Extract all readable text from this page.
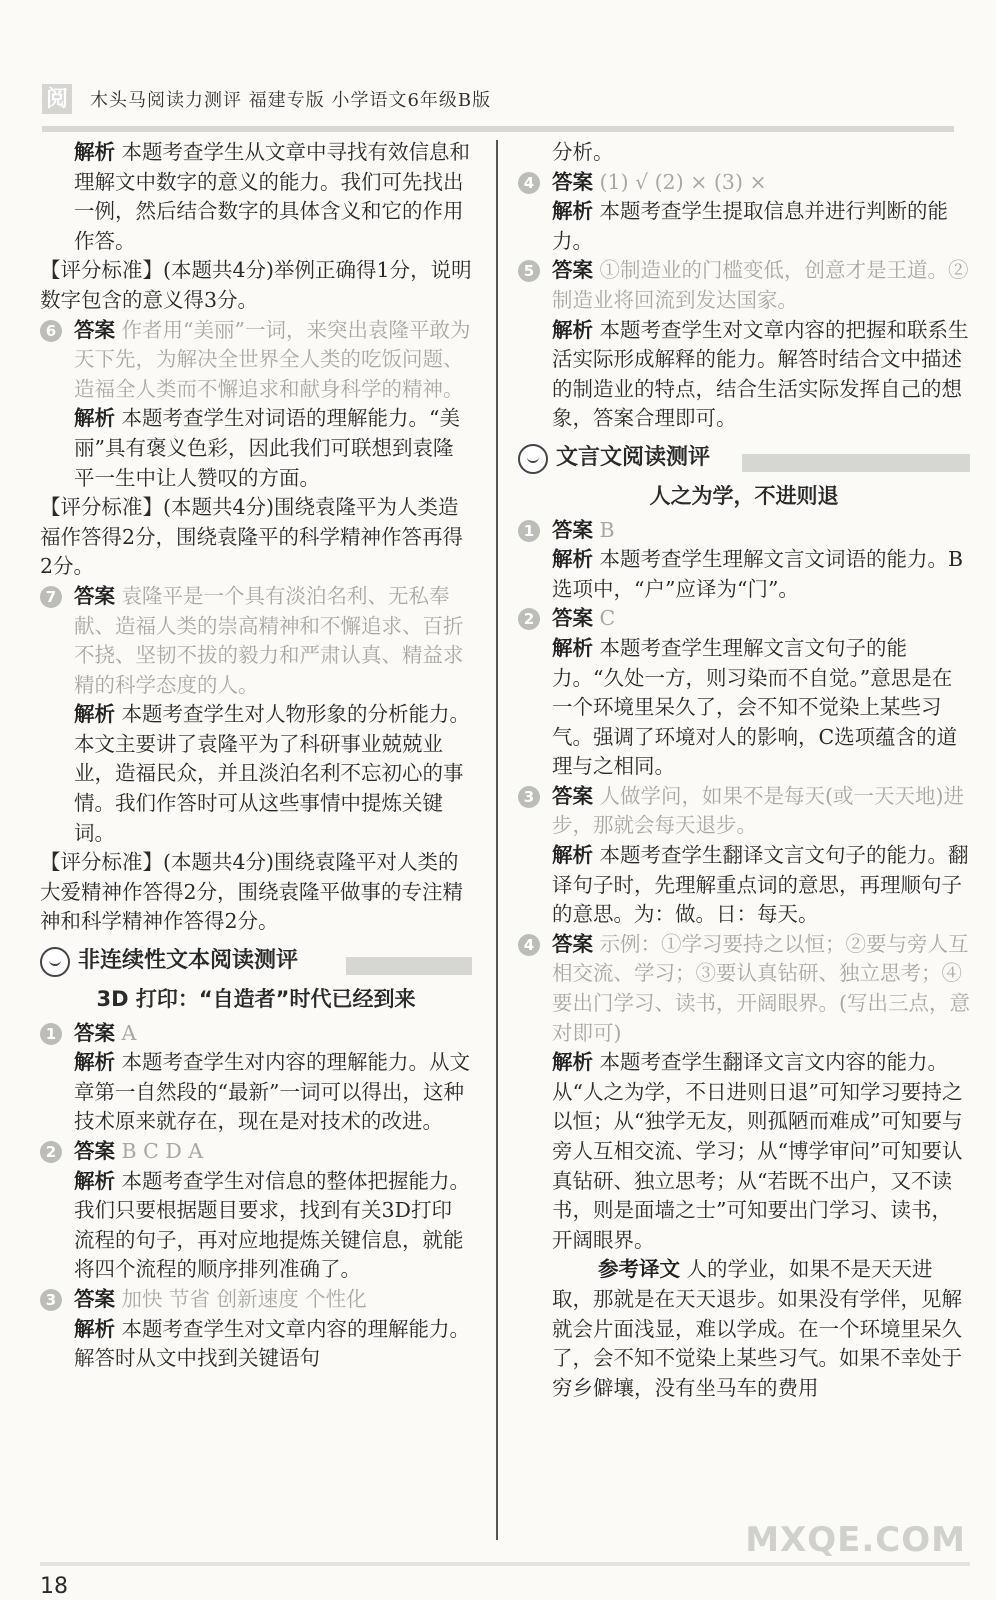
阅 木头马阅读力测评 福建专版 小学语文6年级B版

解析 本题考查学生从文章中寻找有效信息和理解文中数字的意义的能力。我们可先找出一例，然后结合数字的具体含义和它的作用作答。

【评分标准】(本题共4分)举例正确得1分，说明数字包含的意义得3分。

6 答案 作者用“美丽”一词，来突出袁隆平敢为天下先，为解决全世界全人类的吃饭问题、造福全人类而不懈追求和献身科学的精神。

解析 本题考查学生对词语的理解能力。“美丽”具有褒义色彩，因此我们可联想到袁隆平一生中让人赞叹的方面。

【评分标准】(本题共4分)围绕袁隆平为人类造福作答得2分，围绕袁隆平的科学精神作答再得2分。

7 答案 袁隆平是一个具有淡泊名利、无私奉献、造福人类的崇高精神和不懈追求、百折不挠、坚韧不拔的毅力和严肃认真、精益求精的科学态度的人。

解析 本题考查学生对人物形象的分析能力。本文主要讲了袁隆平为了科研事业兢兢业业，造福民众，并且淡泊名利不忘初心的事情。我们作答时可从这些事情中提炼关键词。

【评分标准】(本题共4分)围绕袁隆平对人类的大爱精神作答得2分，围绕袁隆平做事的专注精神和科学精神作答得2分。

非连续性文本阅读测评

3D 打印：“自造者”时代已经到来

1 答案 A

解析 本题考查学生对内容的理解能力。从文章第一自然段的“最新”一词可以得出，这种技术原来就存在，现在是对技术的改进。

2 答案 B C D A

解析 本题考查学生对信息的整体把握能力。我们只要根据题目要求，找到有关3D打印流程的句子，再对应地提炼关键信息，就能将四个流程的顺序排列准确了。

3 答案 加快 节省 创新速度 个性化

解析 本题考查学生对文章内容的理解能力。解答时从文中找到关键语句

分析。

4 答案 (1) √ (2) × (3) ×

解析 本题考查学生提取信息并进行判断的能力。

5 答案 ①制造业的门槛变低，创意才是王道。②制造业将回流到发达国家。

解析 本题考查学生对文章内容的把握和联系生活实际形成解释的能力。解答时结合文中描述的制造业的特点，结合生活实际发挥自己的想象，答案合理即可。

文言文阅读测评

人之为学，不进则退

1 答案 B

解析 本题考查学生理解文言文词语的能力。B选项中，“户”应译为“门”。

2 答案 C

解析 本题考查学生理解文言文句子的能力。“久处一方，则习染而不自觉。”意思是在一个环境里呆久了，会不知不觉染上某些习气。强调了环境对人的影响，C选项蕴含的道理与之相同。

3 答案 人做学问，如果不是每天(或一天天地)进步，那就会每天退步。

解析 本题考查学生翻译文言文句子的能力。翻译句子时，先理解重点词的意思，再理顺句子的意思。为：做。日：每天。

4 答案 示例：①学习要持之以恒；②要与旁人互相交流、学习；③要认真钻研、独立思考；④要出门学习、读书，开阔眼界。(写出三点，意对即可)

解析 本题考查学生翻译文言文内容的能力。从“人之为学，不日进则日退”可知学习要持之以恒；从“独学无友，则孤陋而难成”可知要与旁人互相交流、学习；从“博学审问”可知要认真钻研、独立思考；从“若既不出户，又不读书，则是面墙之士”可知要出门学习、读书，开阔眼界。

参考译文 人的学业，如果不是天天进取，那就是在天天退步。如果没有学伴，见解就会片面浅显，难以学成。在一个环境里呆久了，会不知不觉染上某些习气。如果不幸处于穷乡僻壤，没有坐马车的费用

18
MXQE.COM
